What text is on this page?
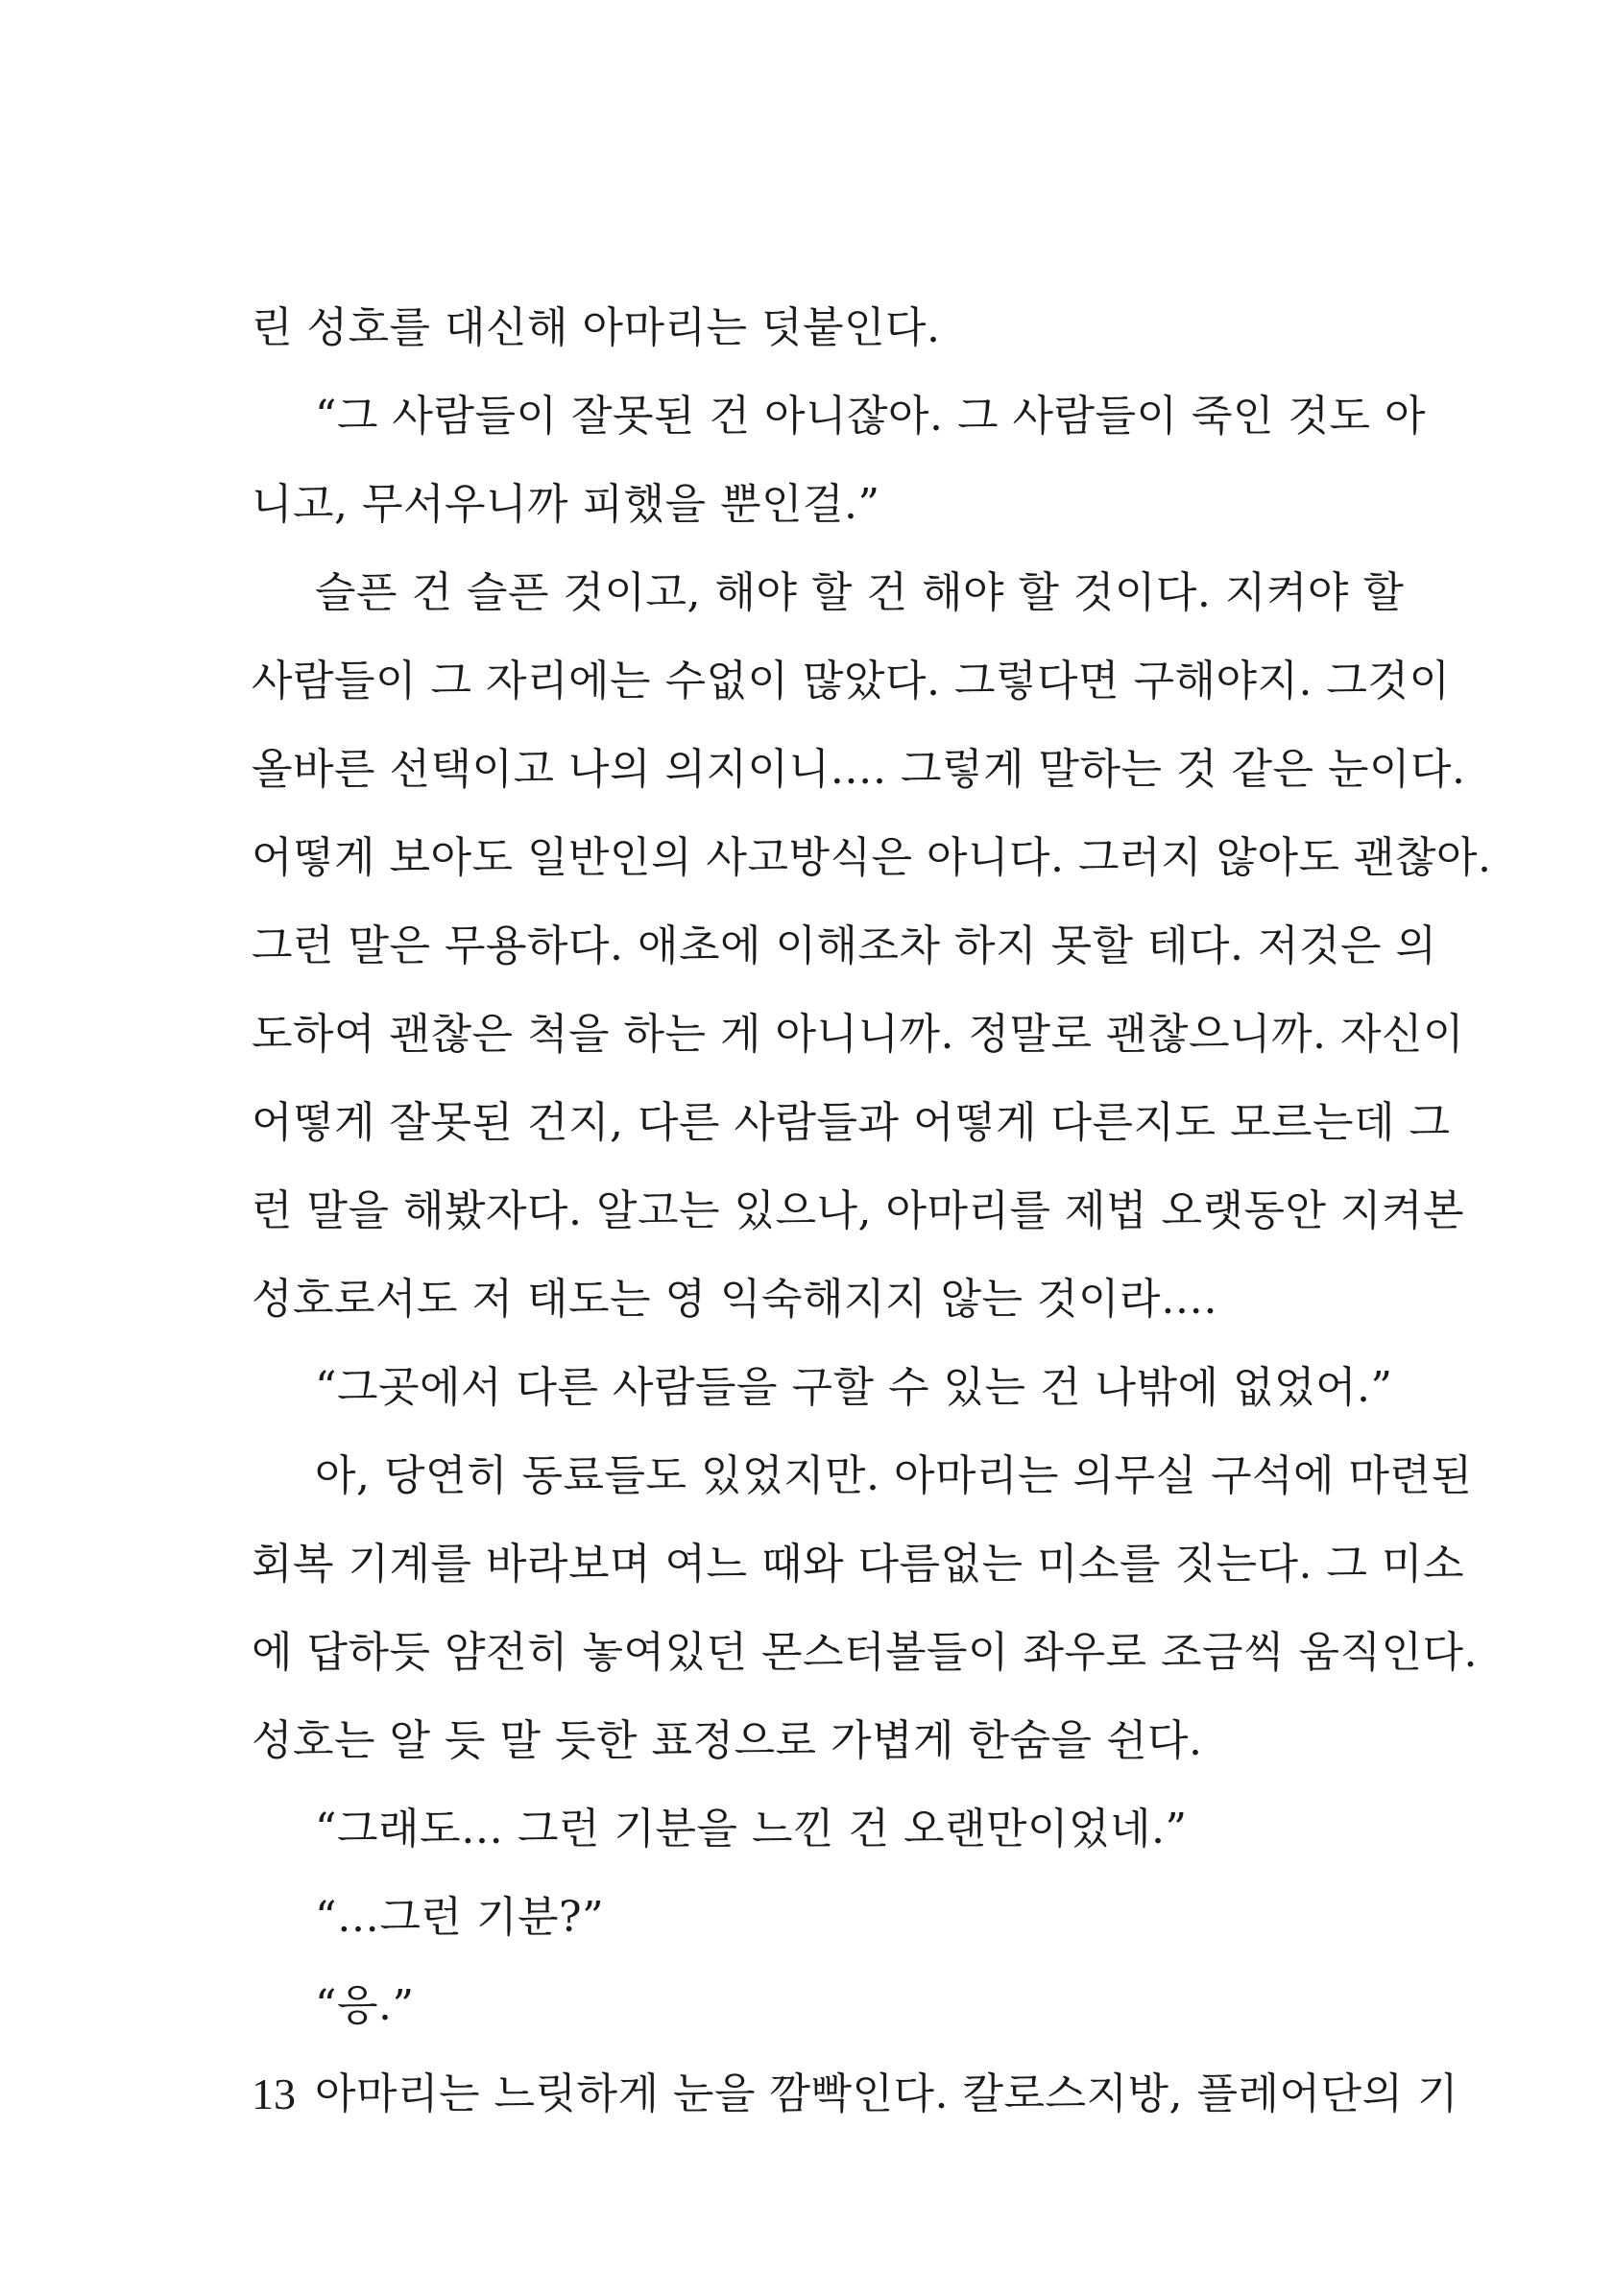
린 성호를 대신해 아마리는 덧붙인다.
“그 사람들이 잘못된 건 아니잖아. 그 사람들이 죽인 것도 아
니고, 무서우니까 피했을 뿐인걸.”
슬픈 건 슬픈 것이고, 해야 할 건 해야 할 것이다. 지켜야 할
사람들이 그 자리에는 수없이 많았다. 그렇다면 구해야지. 그것이
올바른 선택이고 나의 의지이니…. 그렇게 말하는 것 같은 눈이다.
어떻게 보아도 일반인의 사고방식은 아니다. 그러지 않아도 괜찮아.
그런 말은 무용하다. 애초에 이해조차 하지 못할 테다. 저것은 의
도하여 괜찮은 척을 하는 게 아니니까. 정말로 괜찮으니까. 자신이
어떻게 잘못된 건지, 다른 사람들과 어떻게 다른지도 모르는데 그
런 말을 해봤자다. 알고는 있으나, 아마리를 제법 오랫동안 지켜본
성호로서도 저 태도는 영 익숙해지지 않는 것이라….
“그곳에서 다른 사람들을 구할 수 있는 건 나밖에 없었어.”
아, 당연히 동료들도 있었지만. 아마리는 의무실 구석에 마련된
회복 기계를 바라보며 여느 때와 다름없는 미소를 짓는다. 그 미소
에 답하듯 얌전히 놓여있던 몬스터볼들이 좌우로 조금씩 움직인다.
성호는 알 듯 말 듯한 표정으로 가볍게 한숨을 쉰다.
“그래도… 그런 기분을 느낀 건 오랜만이었네.”
“…그런 기분?”
“응.”
아마리는 느릿하게 눈을 깜빡인다. 칼로스지방, 플레어단의 기
13
